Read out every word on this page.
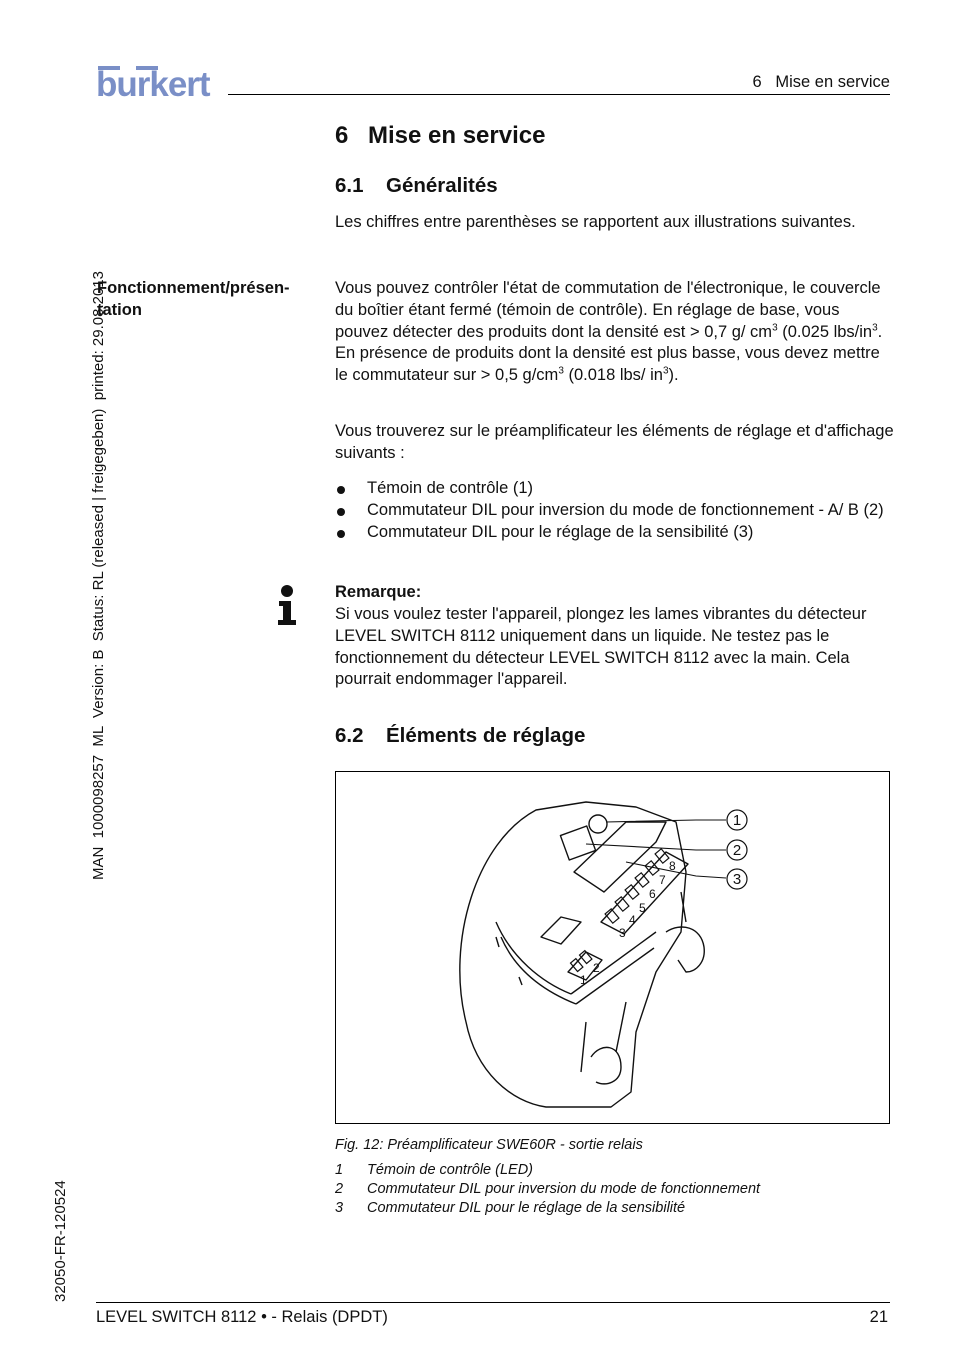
burkert	6   Mise en service
MAN  1000098257  ML  Version: B  Status: RL (released | freigegeben)  printed: 29.08.2013
32050-FR-120524
6 Mise en service
6.1 Généralités
Les chiffres entre parenthèses se rapportent aux illustrations suivantes.
Fonctionnement/présen-tation
Vous pouvez contrôler l'état de commutation de l'électronique, le couvercle du boîtier étant fermé (témoin de contrôle). En réglage de base, vous pouvez détecter des produits dont la densité est > 0,7 g/ $cm^3$ (0.025 lbs/$in^3$. En présence de produits dont la densité est plus basse, vous devez mettre le commutateur sur > 0,5 $g/cm^3$ (0.018 lbs/ $in^3$).
Vous trouverez sur le préamplificateur les éléments de réglage et d'affichage suivants :
Témoin de contrôle (1)
Commutateur DIL pour inversion du mode de fonctionnement - A/ B (2)
Commutateur DIL pour le réglage de la sensibilité (3)
Remarque:
Si vous voulez tester l'appareil, plongez les lames vibrantes du détecteur LEVEL SWITCH 8112 uniquement dans un liquide. Ne testez pas le fonctionnement du détecteur LEVEL SWITCH 8112 avec la main. Cela pourrait endommager l'appareil.
6.2 Éléments de réglage
1
2
3
4
5
6
7
8
1
2
3
Fig. 12: Préamplificateur SWE60R - sortie relais
1 Témoin de contrôle (LED)
2 Commutateur DIL pour inversion du mode de fonctionnement
3 Commutateur DIL pour le réglage de la sensibilité
LEVEL SWITCH 8112 • - Relais (DPDT)	21
